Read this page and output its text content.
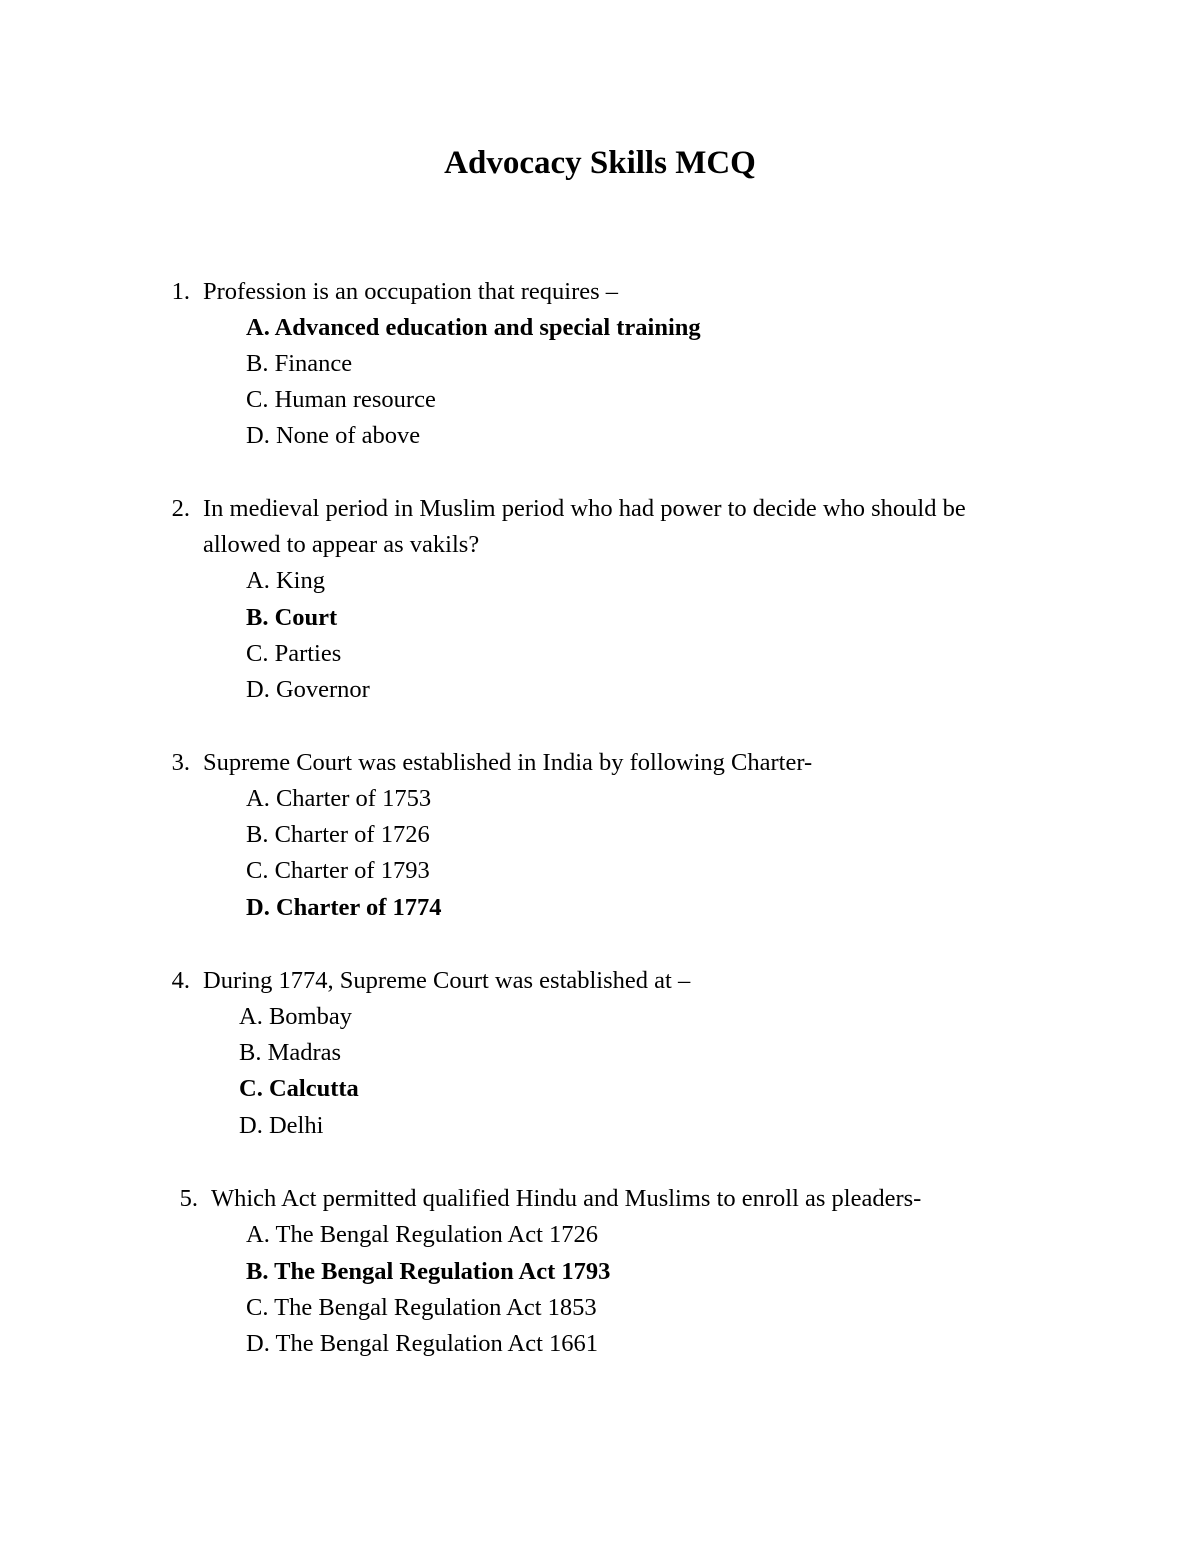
Advocacy Skills MCQ
1. Profession is an occupation that requires –
A. Advanced education and special training
B. Finance
C. Human resource
D. None of above
2. In medieval period in Muslim period who had power to decide who should be
allowed to appear as vakils?
A. King
B. Court
C. Parties
D. Governor
3. Supreme Court was established in India by following Charter-
A. Charter of 1753
B. Charter of 1726
C. Charter of 1793
D. Charter of 1774
4. During 1774, Supreme Court was established at –
A. Bombay
B. Madras
C. Calcutta
D. Delhi
5. Which Act permitted qualified Hindu and Muslims to enroll as pleaders-
A. The Bengal Regulation Act 1726
B. The Bengal Regulation Act 1793
C. The Bengal Regulation Act 1853
D. The Bengal Regulation Act 1661
